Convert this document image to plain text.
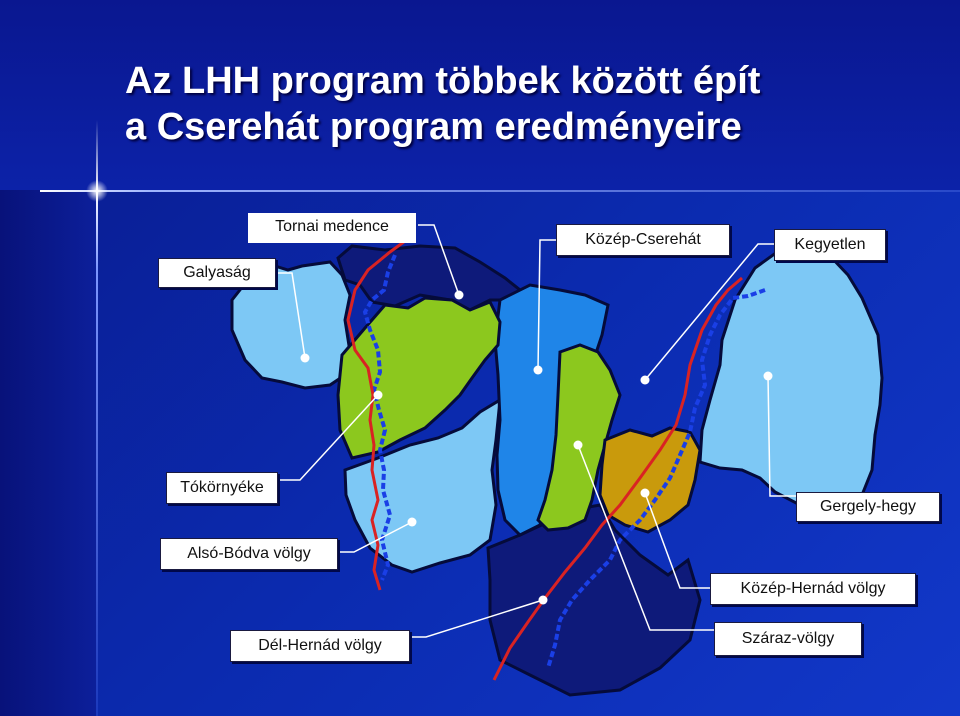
Az LHH program többek között épít
a Cserehát program eredményeire
Tornai medence
Galyaság
Közép-Cserehát	Kegyetlen
Tókörnyéke
Gergely-hegy
Alsó-Bódva völgy
Közép-Hernád völgy
Dél-Hernád völgy	Száraz-völgy
